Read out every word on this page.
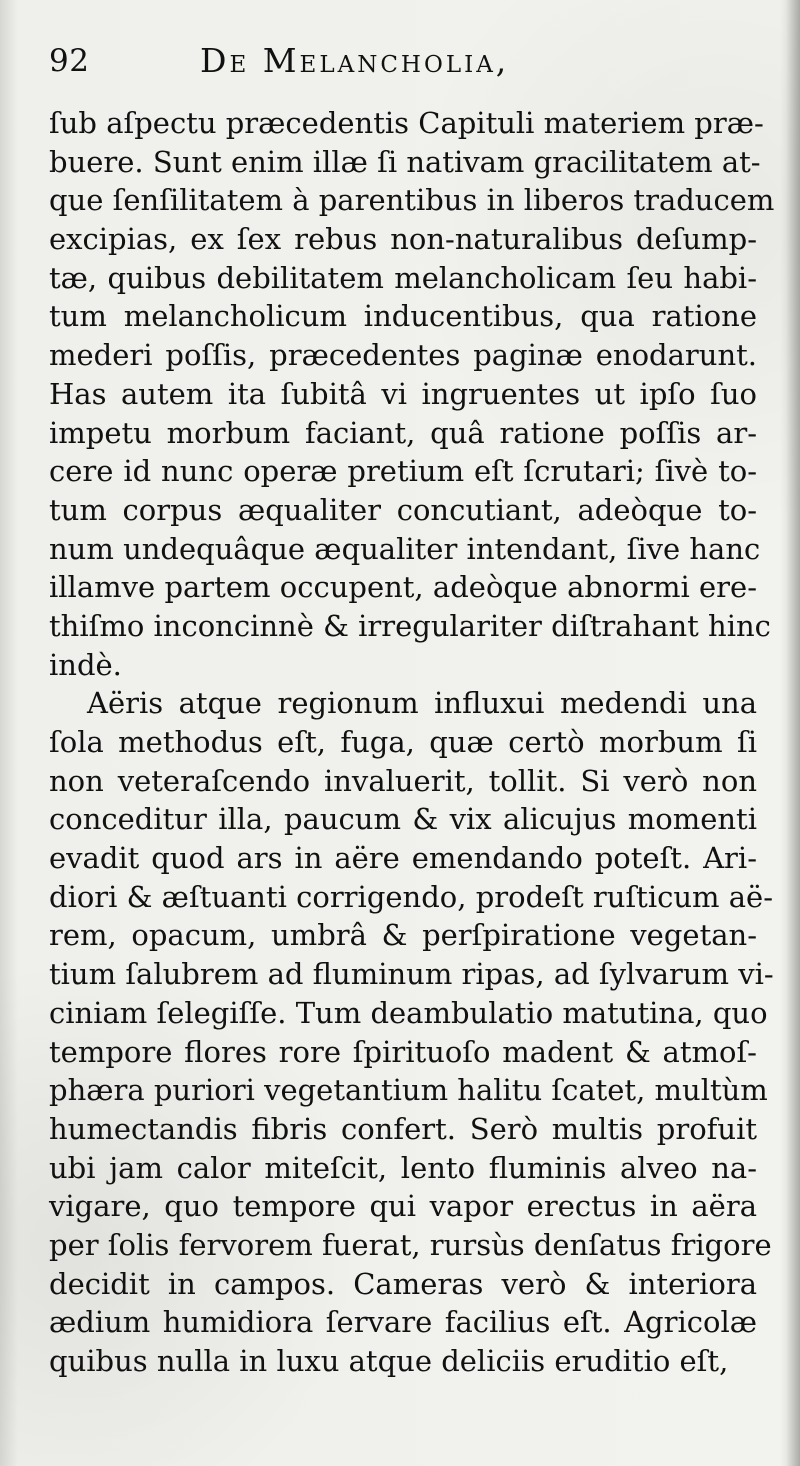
92	De Melancholia,
ſub aſpectu præcedentis Capituli materiem præ-
buere. Sunt enim illæ ſi nativam gracilitatem at-
que ſenſilitatem à parentibus in liberos traducem
excipias, ex ſex rebus non-naturalibus deſump-
tæ, quibus debilitatem melancholicam ſeu habi-
tum melancholicum inducentibus, qua ratione
mederi poſſis, præcedentes paginæ enodarunt.
Has autem ita ſubitâ vi ingruentes ut ipſo ſuo
impetu morbum faciant, quâ ratione poſſis ar-
cere id nunc operæ pretium eſt ſcrutari; ſivè to-
tum corpus æqualiter concutiant, adeòque to-
num undequâque æqualiter intendant, ſive hanc
illamve partem occupent, adeòque abnormi ere-
thiſmo inconcinnè & irregulariter diſtrahant hinc
indè.
Aëris atque regionum influxui medendi una
ſola methodus eſt, fuga, quæ certò morbum ſi
non veteraſcendo invaluerit, tollit. Si verò non
conceditur illa, paucum & vix alicujus momenti
evadit quod ars in aëre emendando poteſt. Ari-
diori & æſtuanti corrigendo, prodeſt ruſticum aë-
rem, opacum, umbrâ & perſpiratione vegetan-
tium ſalubrem ad fluminum ripas, ad ſylvarum vi-
ciniam ſelegiſſe. Tum deambulatio matutina, quo
tempore flores rore ſpirituoſo madent & atmoſ-
phæra puriori vegetantium halitu ſcatet, multùm
humectandis fibris confert. Serò multis profuit
ubi jam calor miteſcit, lento fluminis alveo na-
vigare, quo tempore qui vapor erectus in aëra
per ſolis fervorem fuerat, rursùs denſatus frigore
decidit in campos. Cameras verò & interiora
ædium humidiora ſervare facilius eſt. Agricolæ
quibus nulla in luxu atque deliciis eruditio eſt,
